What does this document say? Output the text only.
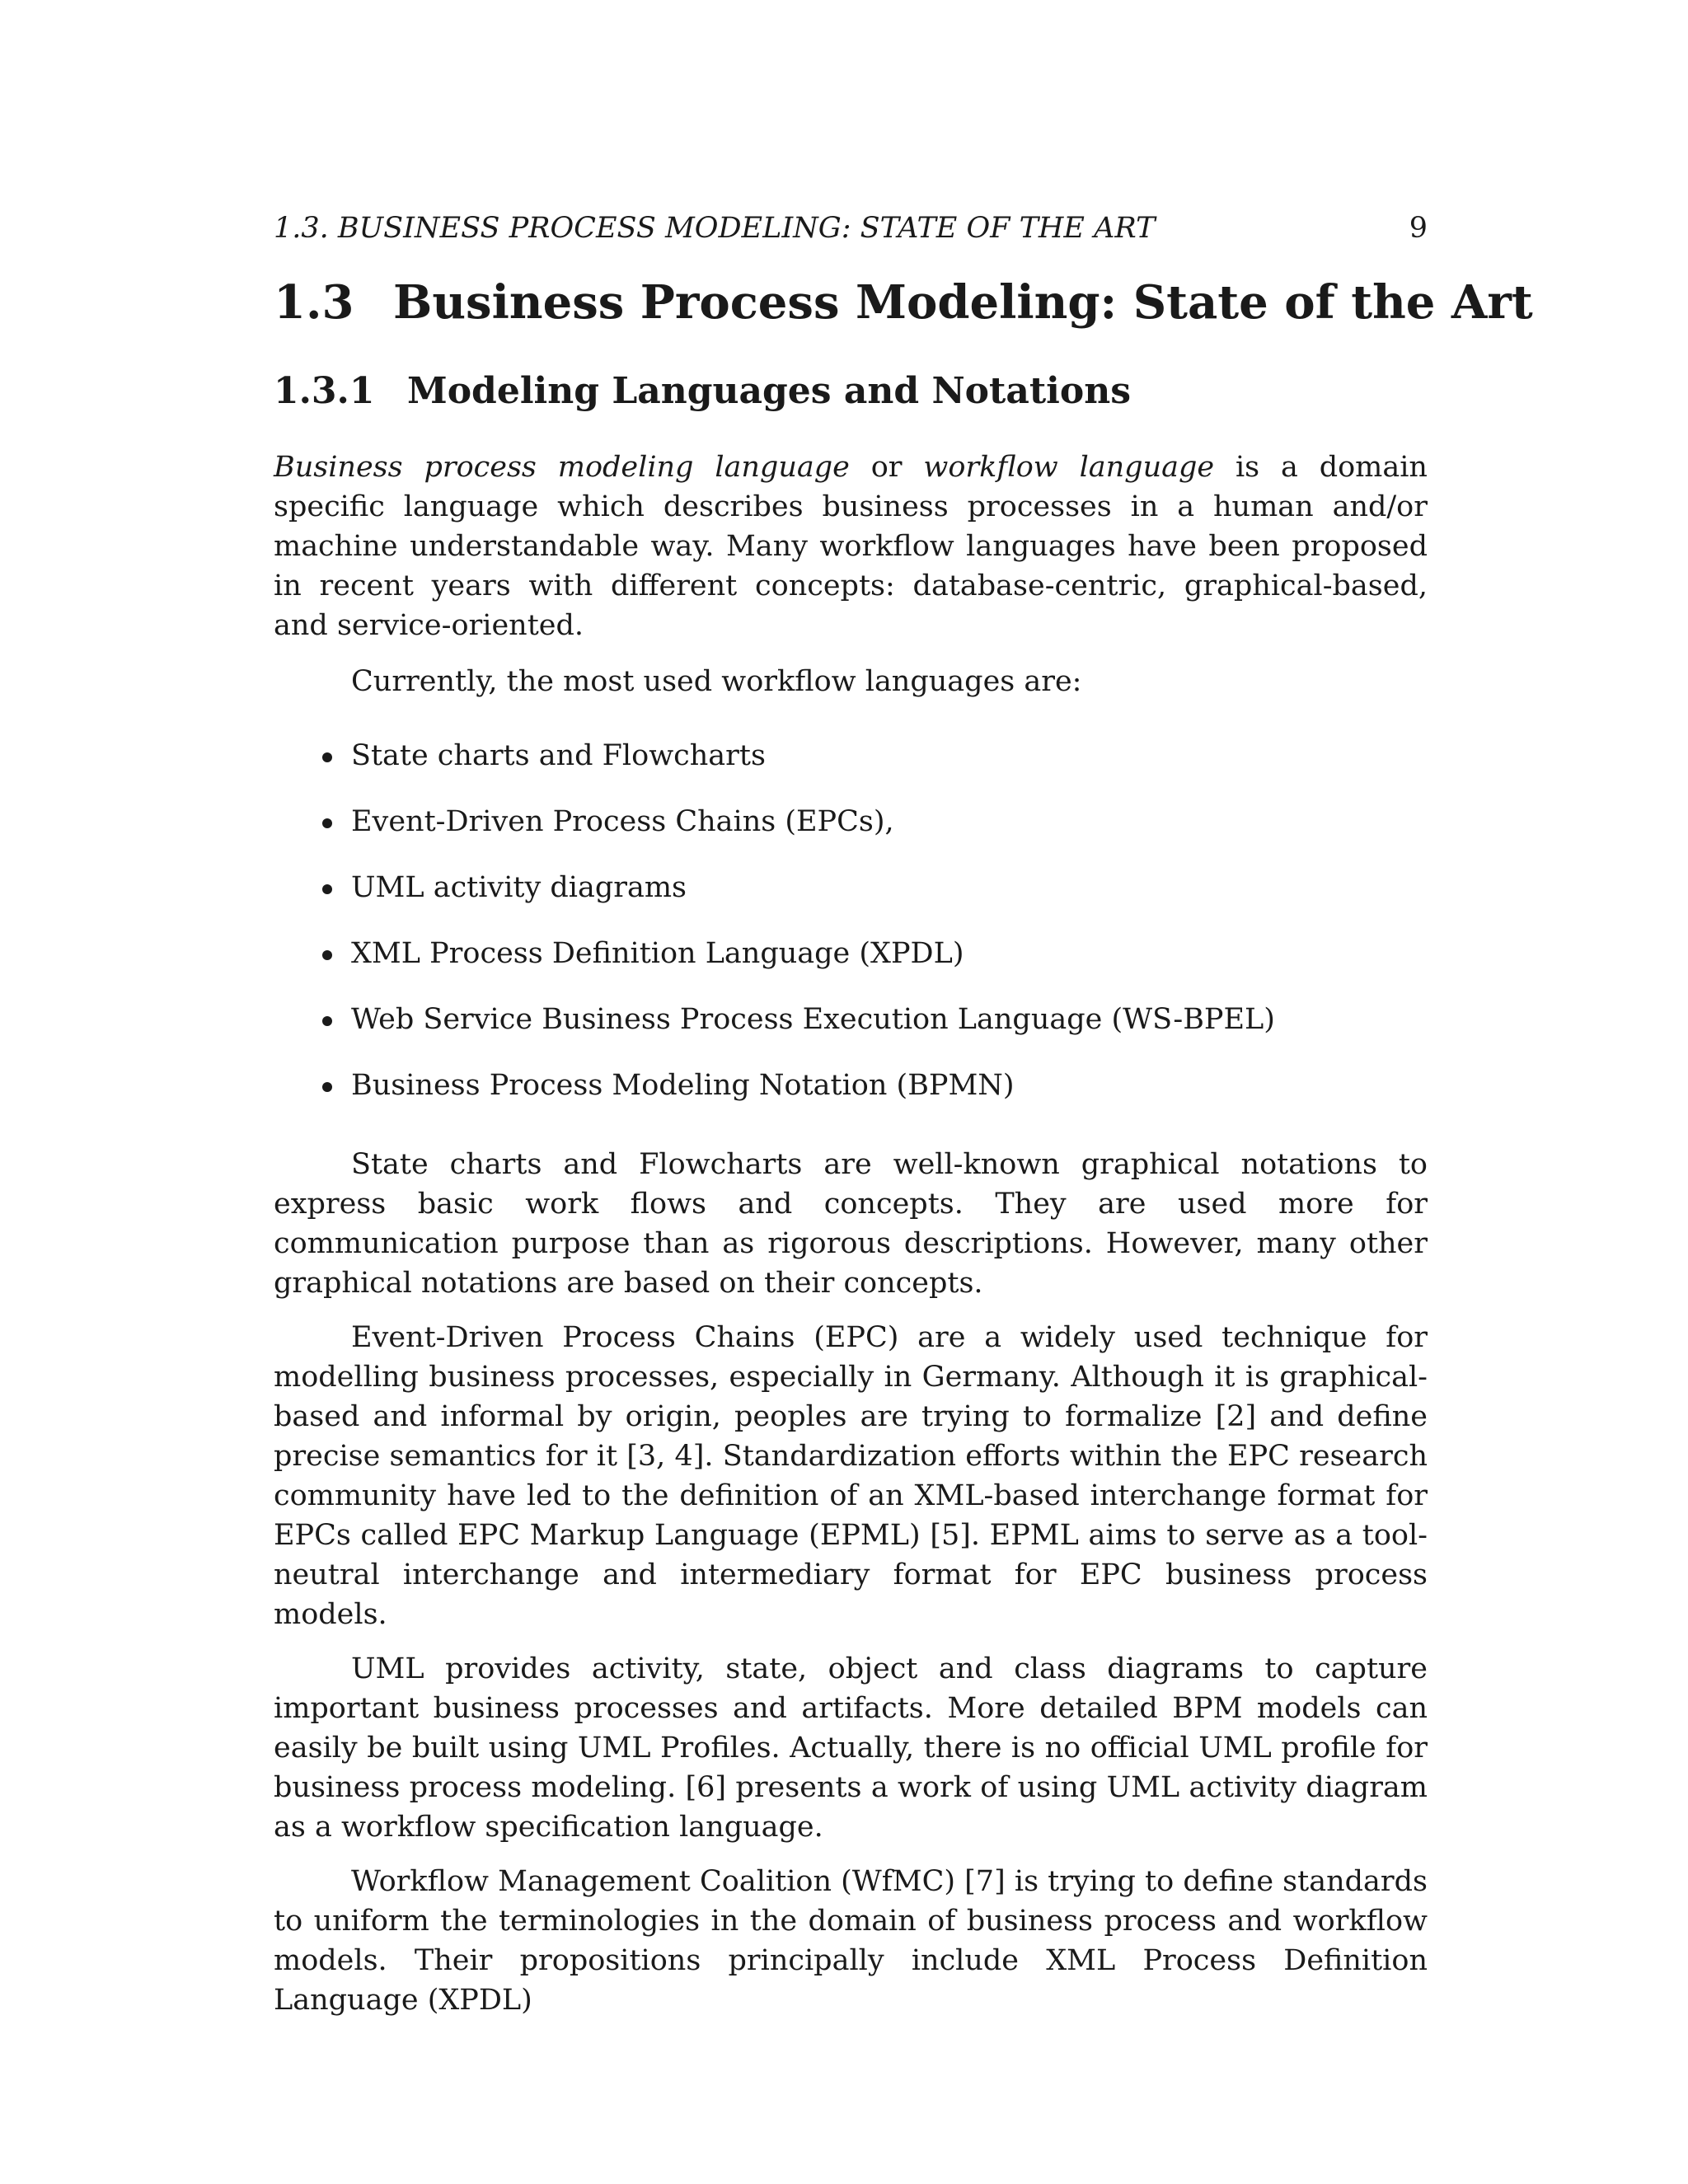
1.3. BUSINESS PROCESS MODELING: STATE OF THE ART	9
1.3 Business Process Modeling: State of the Art
1.3.1 Modeling Languages and Notations

Business process modeling language or workflow language is a domain specific language which describes business processes in a human and/or machine understandable way. Many workflow languages have been proposed in recent years with different concepts: database-centric, graphical-based, and service-oriented.

Currently, the most used workflow languages are:

State charts and Flowcharts
Event-Driven Process Chains (EPCs),
UML activity diagrams
XML Process Definition Language (XPDL)
Web Service Business Process Execution Language (WS-BPEL)
Business Process Modeling Notation (BPMN)

State charts and Flowcharts are well-known graphical notations to express basic work flows and concepts. They are used more for communication purpose than as rigorous descriptions. However, many other graphical notations are based on their concepts.

Event-Driven Process Chains (EPC) are a widely used technique for modelling business processes, especially in Germany. Although it is graphical-based and informal by origin, peoples are trying to formalize [2] and define precise semantics for it [3, 4]. Standardization efforts within the EPC research community have led to the definition of an XML-based interchange format for EPCs called EPC Markup Language (EPML) [5]. EPML aims to serve as a tool-neutral interchange and intermediary format for EPC business process models.

UML provides activity, state, object and class diagrams to capture important business processes and artifacts. More detailed BPM models can easily be built using UML Profiles. Actually, there is no official UML profile for business process modeling. [6] presents a work of using UML activity diagram as a workflow specification language.

Workflow Management Coalition (WfMC) [7] is trying to define standards to uniform the terminologies in the domain of business process and workflow models. Their propositions principally include XML Process Definition Language (XPDL)
